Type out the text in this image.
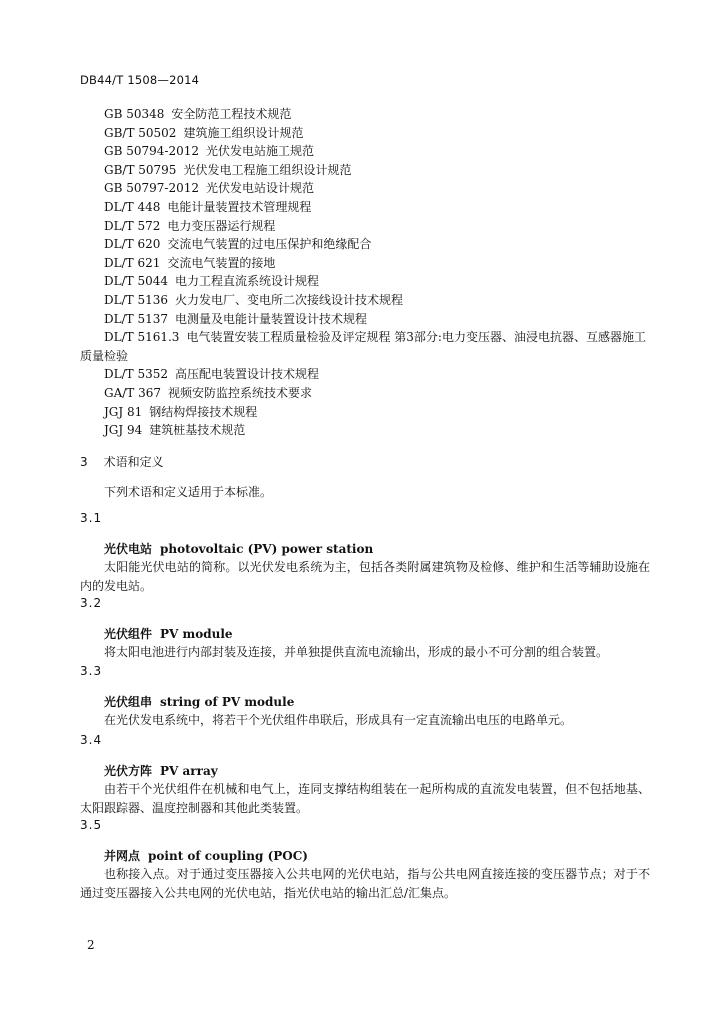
DB44/T 1508—2014
GB 50348 安全防范工程技术规范
GB/T 50502 建筑施工组织设计规范
GB 50794-2012 光伏发电站施工规范
GB/T 50795 光伏发电工程施工组织设计规范
GB 50797-2012 光伏发电站设计规范
DL/T 448 电能计量装置技术管理规程
DL/T 572 电力变压器运行规程
DL/T 620 交流电气装置的过电压保护和绝缘配合
DL/T 621 交流电气装置的接地
DL/T 5044 电力工程直流系统设计规程
DL/T 5136 火力发电厂、变电所二次接线设计技术规程
DL/T 5137 电测量及电能计量装置设计技术规程
DL/T 5161.3 电气装置安装工程质量检验及评定规程 第3部分:电力变压器、油浸电抗器、互感器施工质量检验
DL/T 5352 高压配电装置设计技术规程
GA/T 367 视频安防监控系统技术要求
JGJ 81 钢结构焊接技术规程
JGJ 94 建筑桩基技术规范
3 术语和定义
下列术语和定义适用于本标准。
3.1
光伏电站 photovoltaic (PV) power station
太阳能光伏电站的简称。以光伏发电系统为主，包括各类附属建筑物及检修、维护和生活等辅助设施在内的发电站。
3.2
光伏组件 PV module
将太阳电池进行内部封装及连接，并单独提供直流电流输出，形成的最小不可分割的组合装置。
3.3
光伏组串 string of PV module
在光伏发电系统中，将若干个光伏组件串联后，形成具有一定直流输出电压的电路单元。
3.4
光伏方阵 PV array
由若干个光伏组件在机械和电气上，连同支撑结构组装在一起所构成的直流发电装置，但不包括地基、太阳跟踪器、温度控制器和其他此类装置。
3.5
并网点 point of coupling (POC)
也称接入点。对于通过变压器接入公共电网的光伏电站，指与公共电网直接连接的变压器节点；对于不通过变压器接入公共电网的光伏电站，指光伏电站的输出汇总/汇集点。
2
